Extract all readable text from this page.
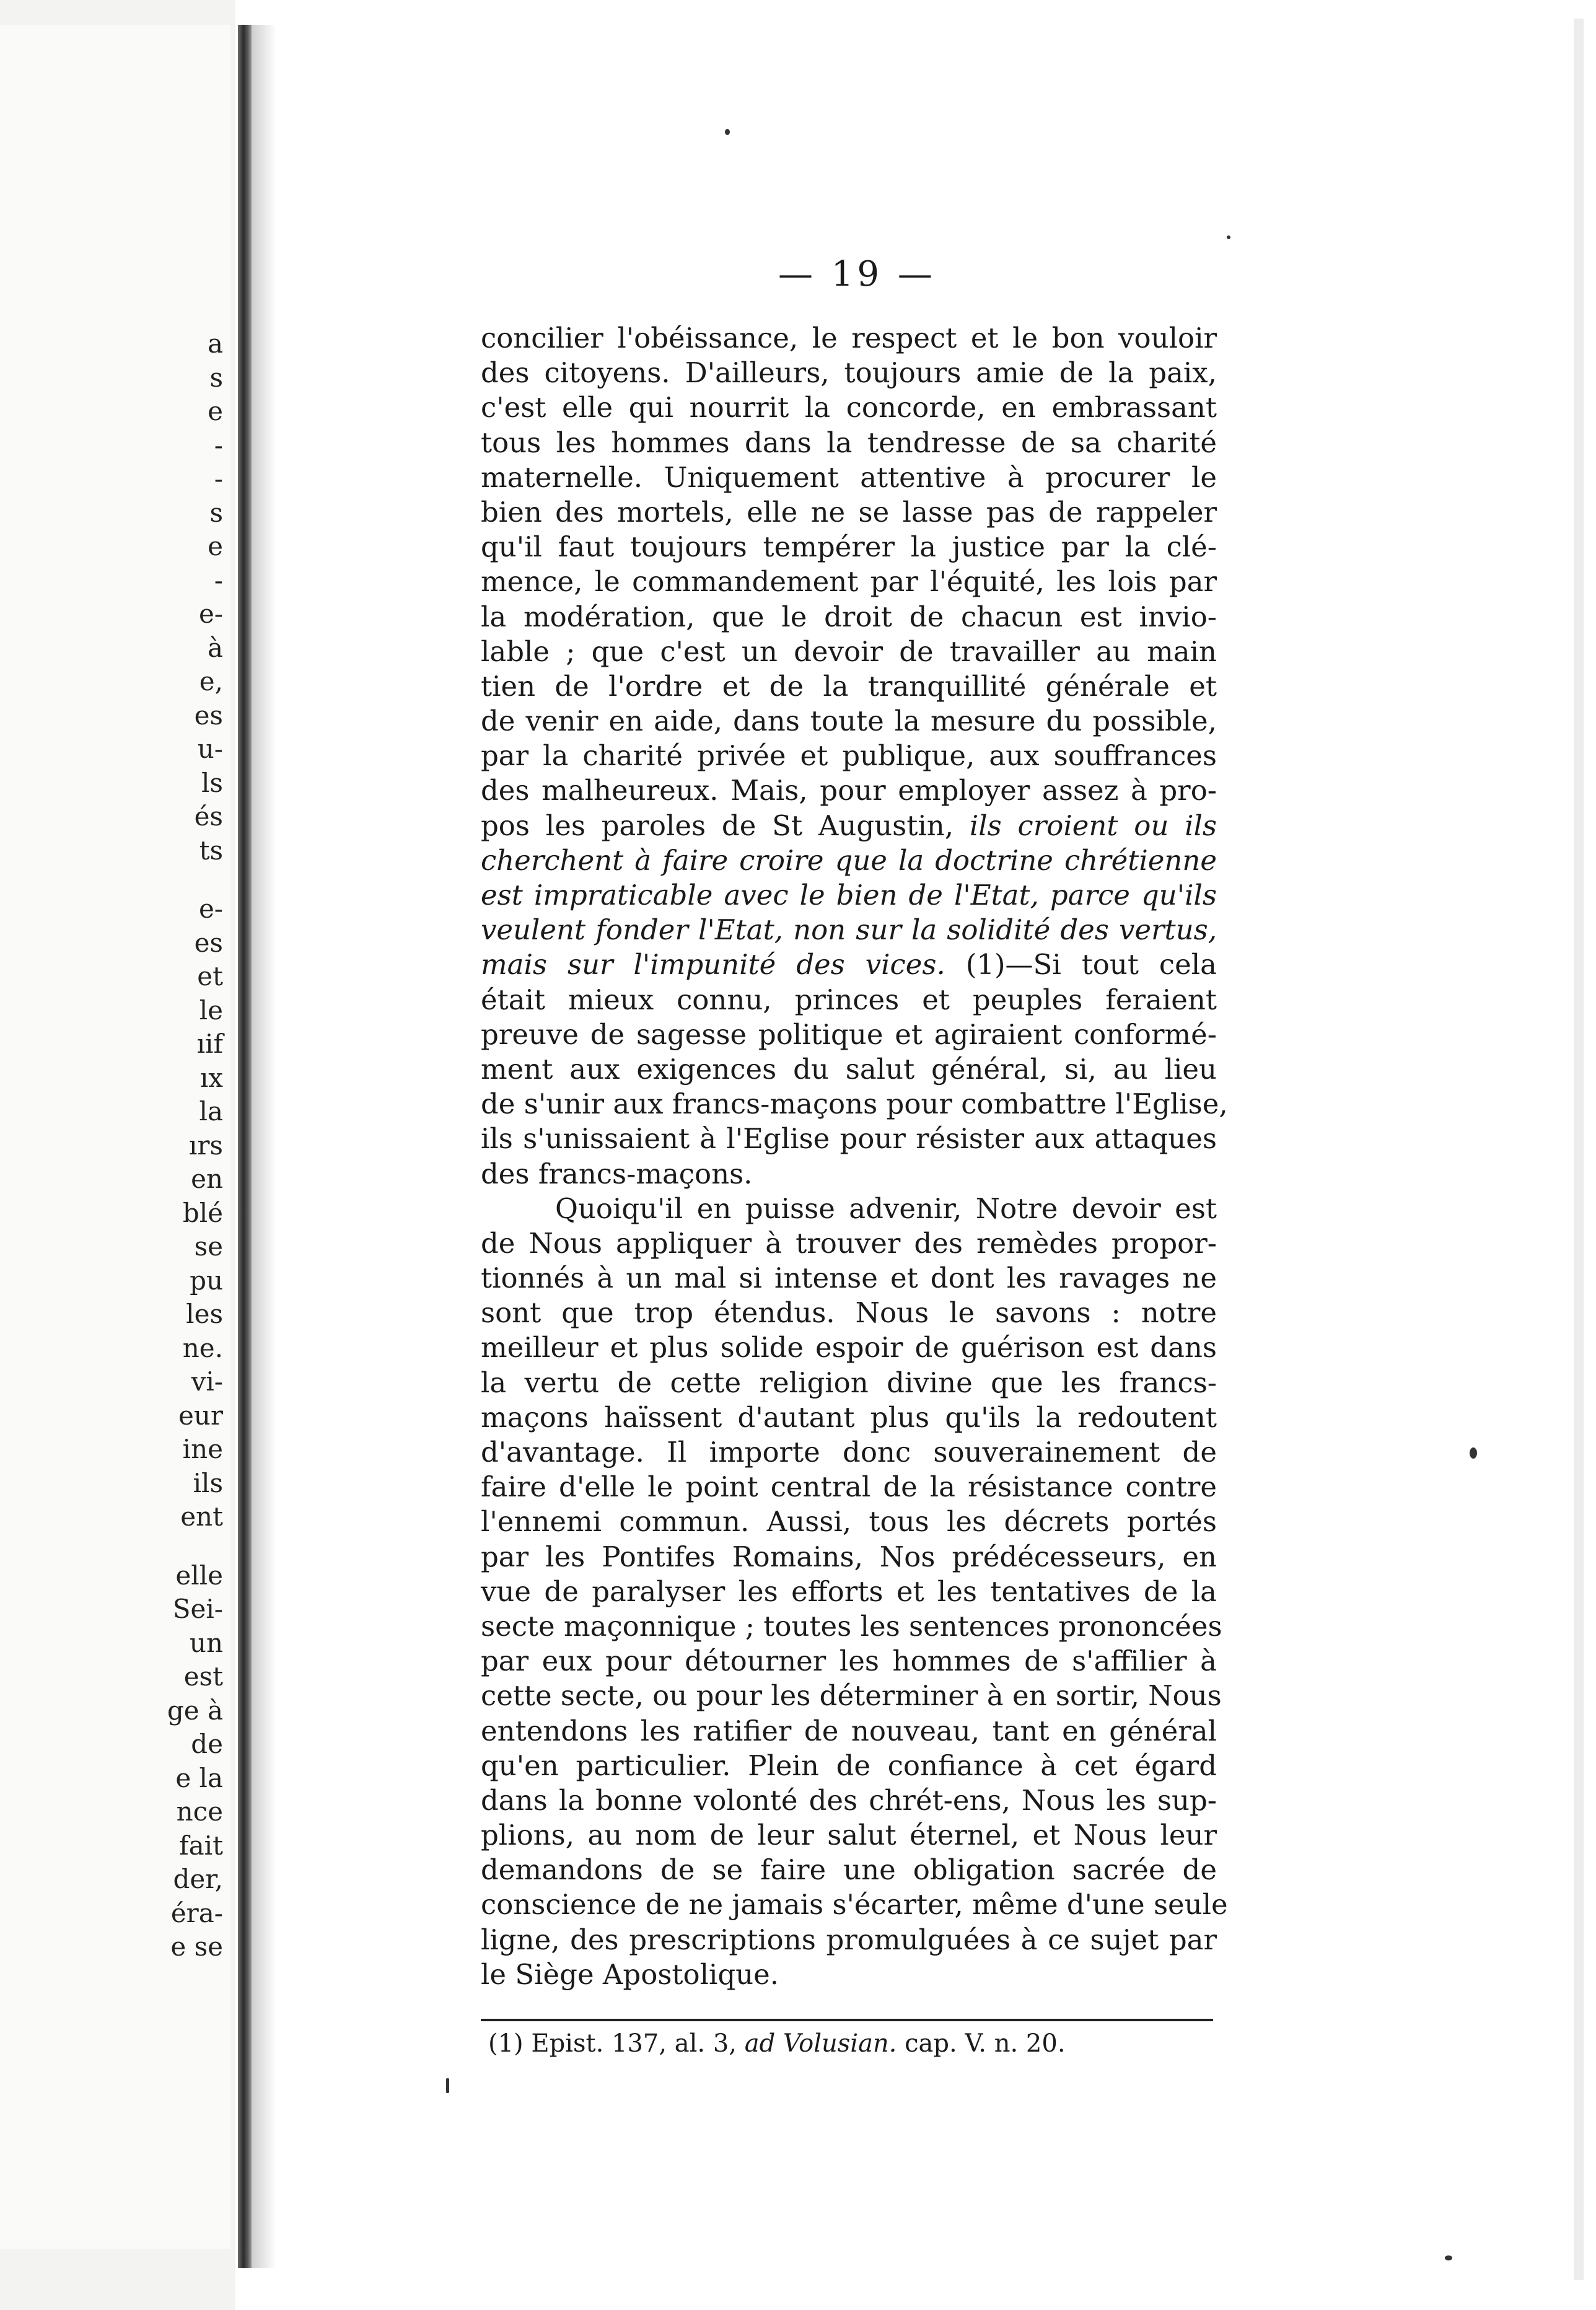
a
s
e
‑
‑
s
e
‑
e‑
à
e,
es
u‑
ls
és
ts
e‑
es
et
le
ıif
ıx
la
ırs
en
blé
se
pu
les
ne.
vi‑
eur
ine
ils
ent
elle
Sei‑
un
est
ge à
de
e la
nce
fait
der,
éra‑
e se
— 19 —
concilier l'obéissance, le respect et le bon vouloir
des citoyens. D'ailleurs, toujours amie de la paix,
c'est elle qui nourrit la concorde, en embrassant
tous les hommes dans la tendresse de sa charité
maternelle. Uniquement attentive à procurer le
bien des mortels, elle ne se lasse pas de rappeler
qu'il faut toujours tempérer la justice par la clé-
mence, le commandement par l'équité, les lois par
la modération, que le droit de chacun est invio-
lable ; que c'est un devoir de travailler au main
tien de l'ordre et de la tranquillité générale et
de venir en aide, dans toute la mesure du possible,
par la charité privée et publique, aux souffrances
des malheureux. Mais, pour employer assez à pro-
pos les paroles de St Augustin, ils croient ou ils
cherchent à faire croire que la doctrine chrétienne
est impraticable avec le bien de l'Etat, parce qu'ils
veulent fonder l'Etat, non sur la solidité des vertus,
mais sur l'impunité des vices. (1)—Si tout cela
était mieux connu, princes et peuples feraient
preuve de sagesse politique et agiraient conformé-
ment aux exigences du salut général, si, au lieu
de s'unir aux francs-maçons pour combattre l'Eglise,
ils s'unissaient à l'Eglise pour résister aux attaques
des francs-maçons.
Quoiqu'il en puisse advenir, Notre devoir est
de Nous appliquer à trouver des remèdes propor-
tionnés à un mal si intense et dont les ravages ne
sont que trop étendus. Nous le savons : notre
meilleur et plus solide espoir de guérison est dans
la vertu de cette religion divine que les francs-
maçons haïssent d'autant plus qu'ils la redoutent
d'avantage. Il importe donc souverainement de
faire d'elle le point central de la résistance contre
l'ennemi commun. Aussi, tous les décrets portés
par les Pontifes Romains, Nos prédécesseurs, en
vue de paralyser les efforts et les tentatives de la
secte maçonnique ; toutes les sentences prononcées
par eux pour détourner les hommes de s'affilier à
cette secte, ou pour les déterminer à en sortir, Nous
entendons les ratifier de nouveau, tant en général
qu'en particulier. Plein de confiance à cet égard
dans la bonne volonté des chrét-ens, Nous les sup-
plions, au nom de leur salut éternel, et Nous leur
demandons de se faire une obligation sacrée de
conscience de ne jamais s'écarter, même d'une seule
ligne, des prescriptions promulguées à ce sujet par
le Siège Apostolique.
(1) Epist. 137, al. 3, ad Volusian. cap. V. n. 20.
